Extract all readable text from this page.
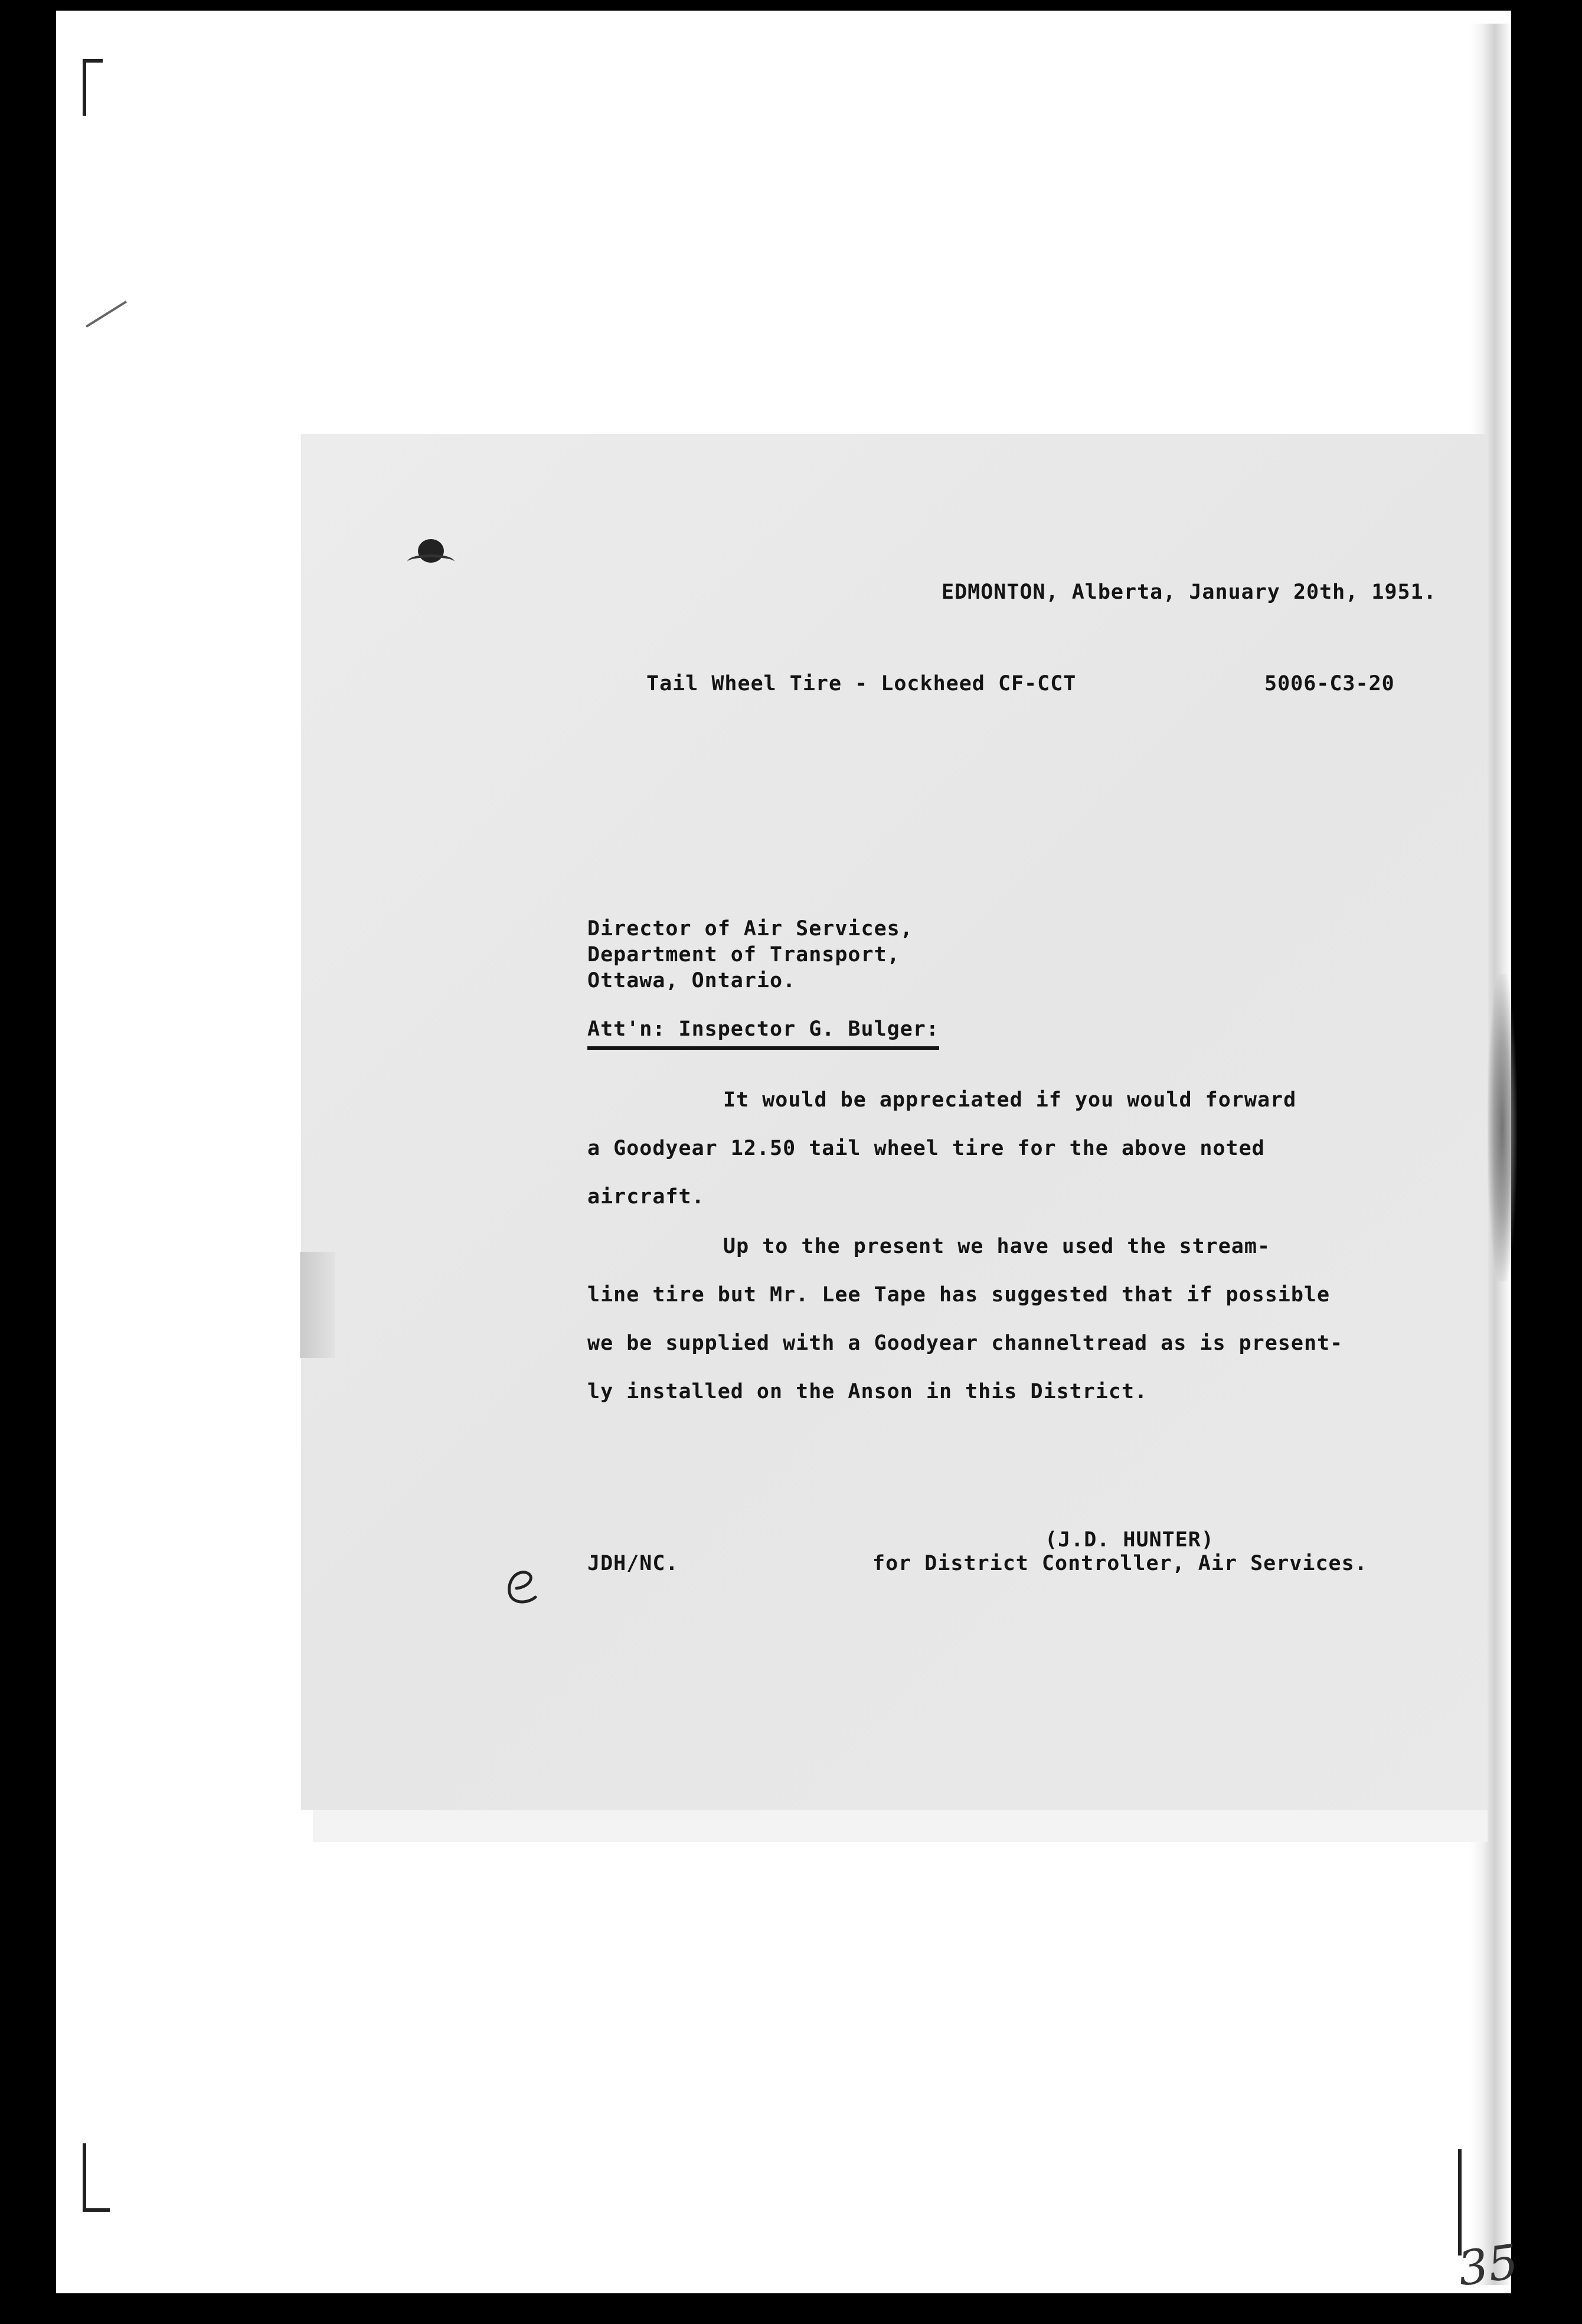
35
EDMONTON, Alberta, January 20th, 1951.
Tail Wheel Tire - Lockheed CF-CCT	5006-C3-20
Director of Air Services,
Department of Transport,
Ottawa, Ontario.
Att'n: Inspector G. Bulger:
It would be appreciated if you would forward
a Goodyear 12.50 tail wheel tire for the above noted
aircraft.
Up to the present we have used the stream-
line tire but Mr. Lee Tape has suggested that if possible
we be supplied with a Goodyear channeltread as is present-
ly installed on the Anson in this District.
(J.D. HUNTER)
JDH/NC.	for District Controller, Air Services.
